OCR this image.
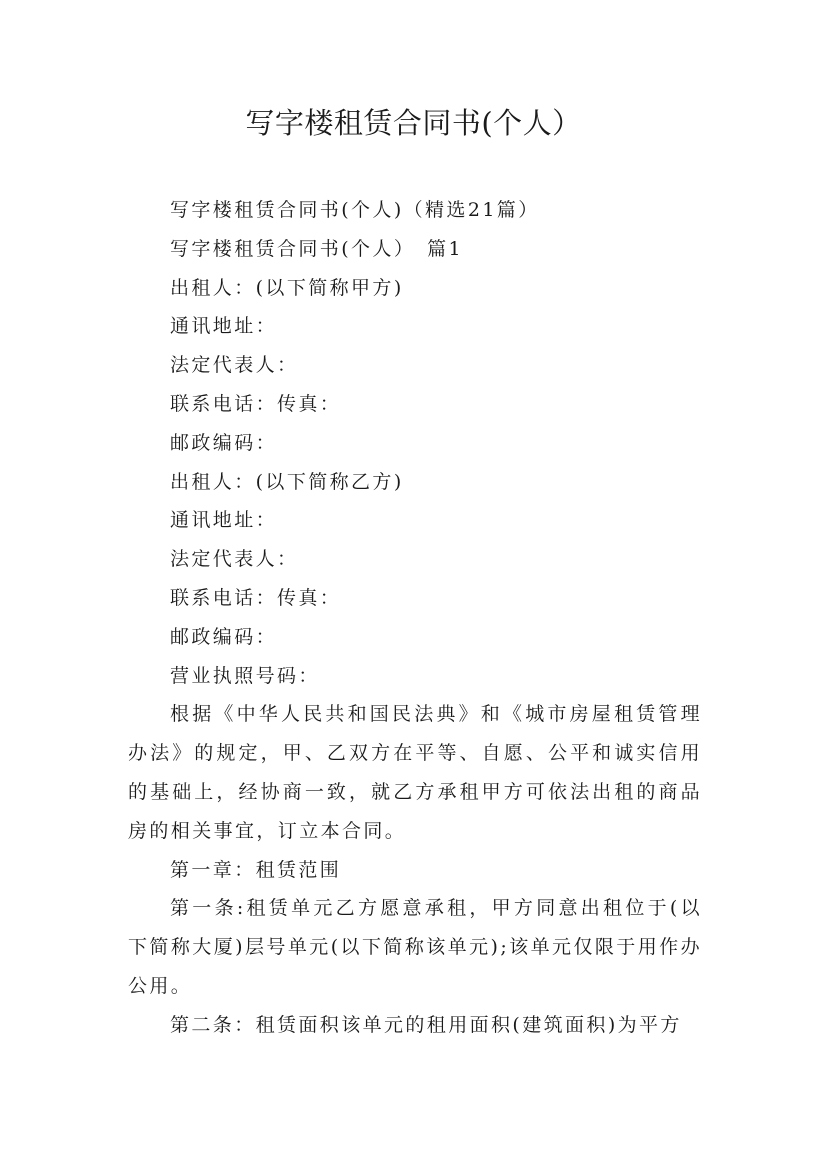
写字楼租赁合同书(个人）

写字楼租赁合同书(个人)（精选21篇）

写字楼租赁合同书(个人）　篇1

出租人：(以下简称甲方)

通讯地址：

法定代表人：

联系电话：传真：

邮政编码：

出租人：(以下简称乙方)

通讯地址：

法定代表人：

联系电话：传真：

邮政编码：

营业执照号码：

根据《中华人民共和国民法典》和《城市房屋租赁管理办法》的规定，甲、乙双方在平等、自愿、公平和诚实信用的基础上，经协商一致，就乙方承租甲方可依法出租的商品房的相关事宜，订立本合同。

第一章：租赁范围

第一条:租赁单元乙方愿意承租，甲方同意出租位于(以下简称大厦)层号单元(以下简称该单元);该单元仅限于用作办公用。

第二条：租赁面积该单元的租用面积(建筑面积)为平方
